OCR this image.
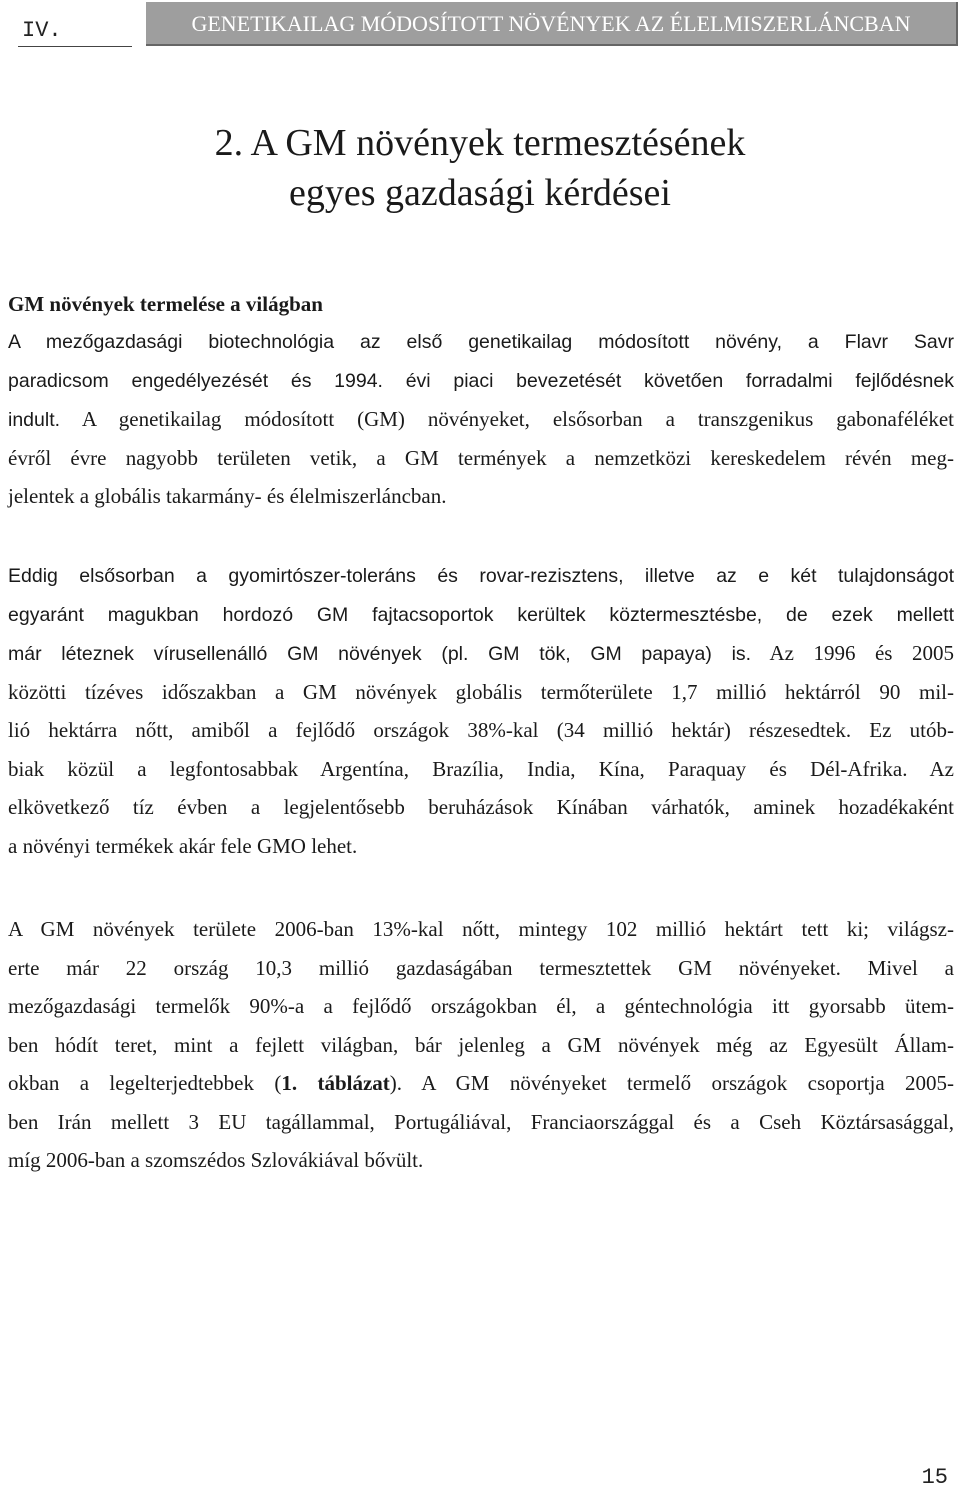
IV.	GENETIKAILAG MÓDOSÍTOTT NÖVÉNYEK AZ ÉLELMISZERLÁNCBAN
2. A GM növények termesztésének
egyes gazdasági kérdései
GM növények termelése a világban
A mezőgazdasági biotechnológia az első genetikailag módosított növény, a Flavr Savr
paradicsom engedélyezését és 1994. évi piaci bevezetését követően forradalmi fejlődésnek
indult. A genetikailag módosított (GM) növényeket, elsősorban a transzgenikus gabonaféléket
évről évre nagyobb területen vetik, a GM termények a nemzetközi kereskedelem révén meg-
jelentek a globális takarmány- és élelmiszerláncban.
Eddig elsősorban a gyomirtószer-toleráns és rovar-rezisztens, illetve az e két tulajdonságot
egyaránt magukban hordozó GM fajtacsoportok kerültek köztermesztésbe, de ezek mellett
már léteznek vírusellenálló GM növények (pl. GM tök, GM papaya) is. Az 1996 és 2005
közötti tízéves időszakban a GM növények globális termőterülete 1,7 millió hektárról 90 mil-
lió hektárra nőtt, amiből a fejlődő országok 38%-kal (34 millió hektár) részesedtek. Ez utób-
biak közül a legfontosabbak Argentína, Brazília, India, Kína, Paraquay és Dél-Afrika. Az
elkövetkező tíz évben a legjelentősebb beruházások Kínában várhatók, aminek hozadékaként
a növényi termékek akár fele GMO lehet.
A GM növények területe 2006-ban 13%-kal nőtt, mintegy 102 millió hektárt tett ki; világsz-
erte már 22 ország 10,3 millió gazdaságában termesztettek GM növényeket. Mivel a
mezőgazdasági termelők 90%-a a fejlődő országokban él, a géntechnológia itt gyorsabb ütem-
ben hódít teret, mint a fejlett világban, bár jelenleg a GM növények még az Egyesült Állam-
okban a legelterjedtebbek (1. táblázat). A GM növényeket termelő országok csoportja 2005-
ben Irán mellett 3 EU tagállammal, Portugáliával, Franciaországgal és a Cseh Köztársasággal,
míg 2006-ban a szomszédos Szlovákiával bővült.
15
